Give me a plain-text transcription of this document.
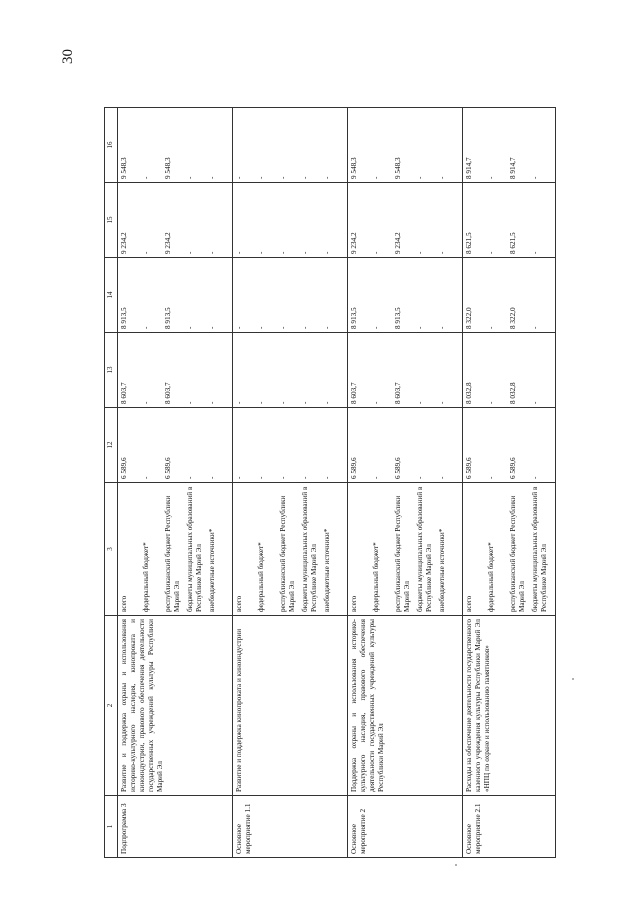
30
1	2	3	12	13	14	15	16
Подпрограмма 3	Развитие и поддержка охраны и использования историко-культурного наследия, кинопроката и киноиндустрии, правового обеспечения деятельности государственных учреждений культуры Республики Марий Эл	всего федеральный бюджет* республиканский бюджет Республики Марий Эл бюджеты муниципальных образований в Республике Марий Эл внебюджетные источники*	6 589,6 - 6 589,6 - -	8 603,7 - 8 603,7 - -	8 913,5 - 8 913,5 - -	9 234,2 - 9 234,2 - -	9 548,3 - 9 548,3 - -

Основное мероприятие 1.1	Развитие и поддержка кинопроката и киноиндустрии	всего федеральный бюджет* республиканский бюджет Республики Марий Эл бюджеты муниципальных образований в Республике Марий Эл внебюджетные источники*	- - - - -	- - - - -	- - - - -	- - - - -	- - - - -

Основное мероприятие 2	Поддержка охраны и использования историко-культурного наследия, правового обеспечения деятельности государственных учреждений культуры Республики Марий Эл	всего федеральный бюджет* республиканский бюджет Республики Марий Эл бюджеты муниципальных образований в Республике Марий Эл внебюджетные источники*	6 589,6 - 6 589,6 - -	8 603,7 - 8 603,7 - -	8 913,5 - 8 913,5 - -	9 234,2 - 9 234,2 - -	9 548,3 - 9 548,3 - -

Основное мероприятие 2.1	Расходы на обеспечение деятельности государственного казенного учреждения культуры Республики Марий Эл «НПЦ по охране и использованию памятников»	всего федеральный бюджет* республиканский бюджет Республики Марий Эл бюджеты муниципальных образований в Республике Марий Эл	6 589,6 - 6 589,6 -	8 032,8 - 8 032,8 -	8 322,0 - 8 322,0 -	8 621,5 - 8 621,5 -	8 914,7 - 8 914,7 -
